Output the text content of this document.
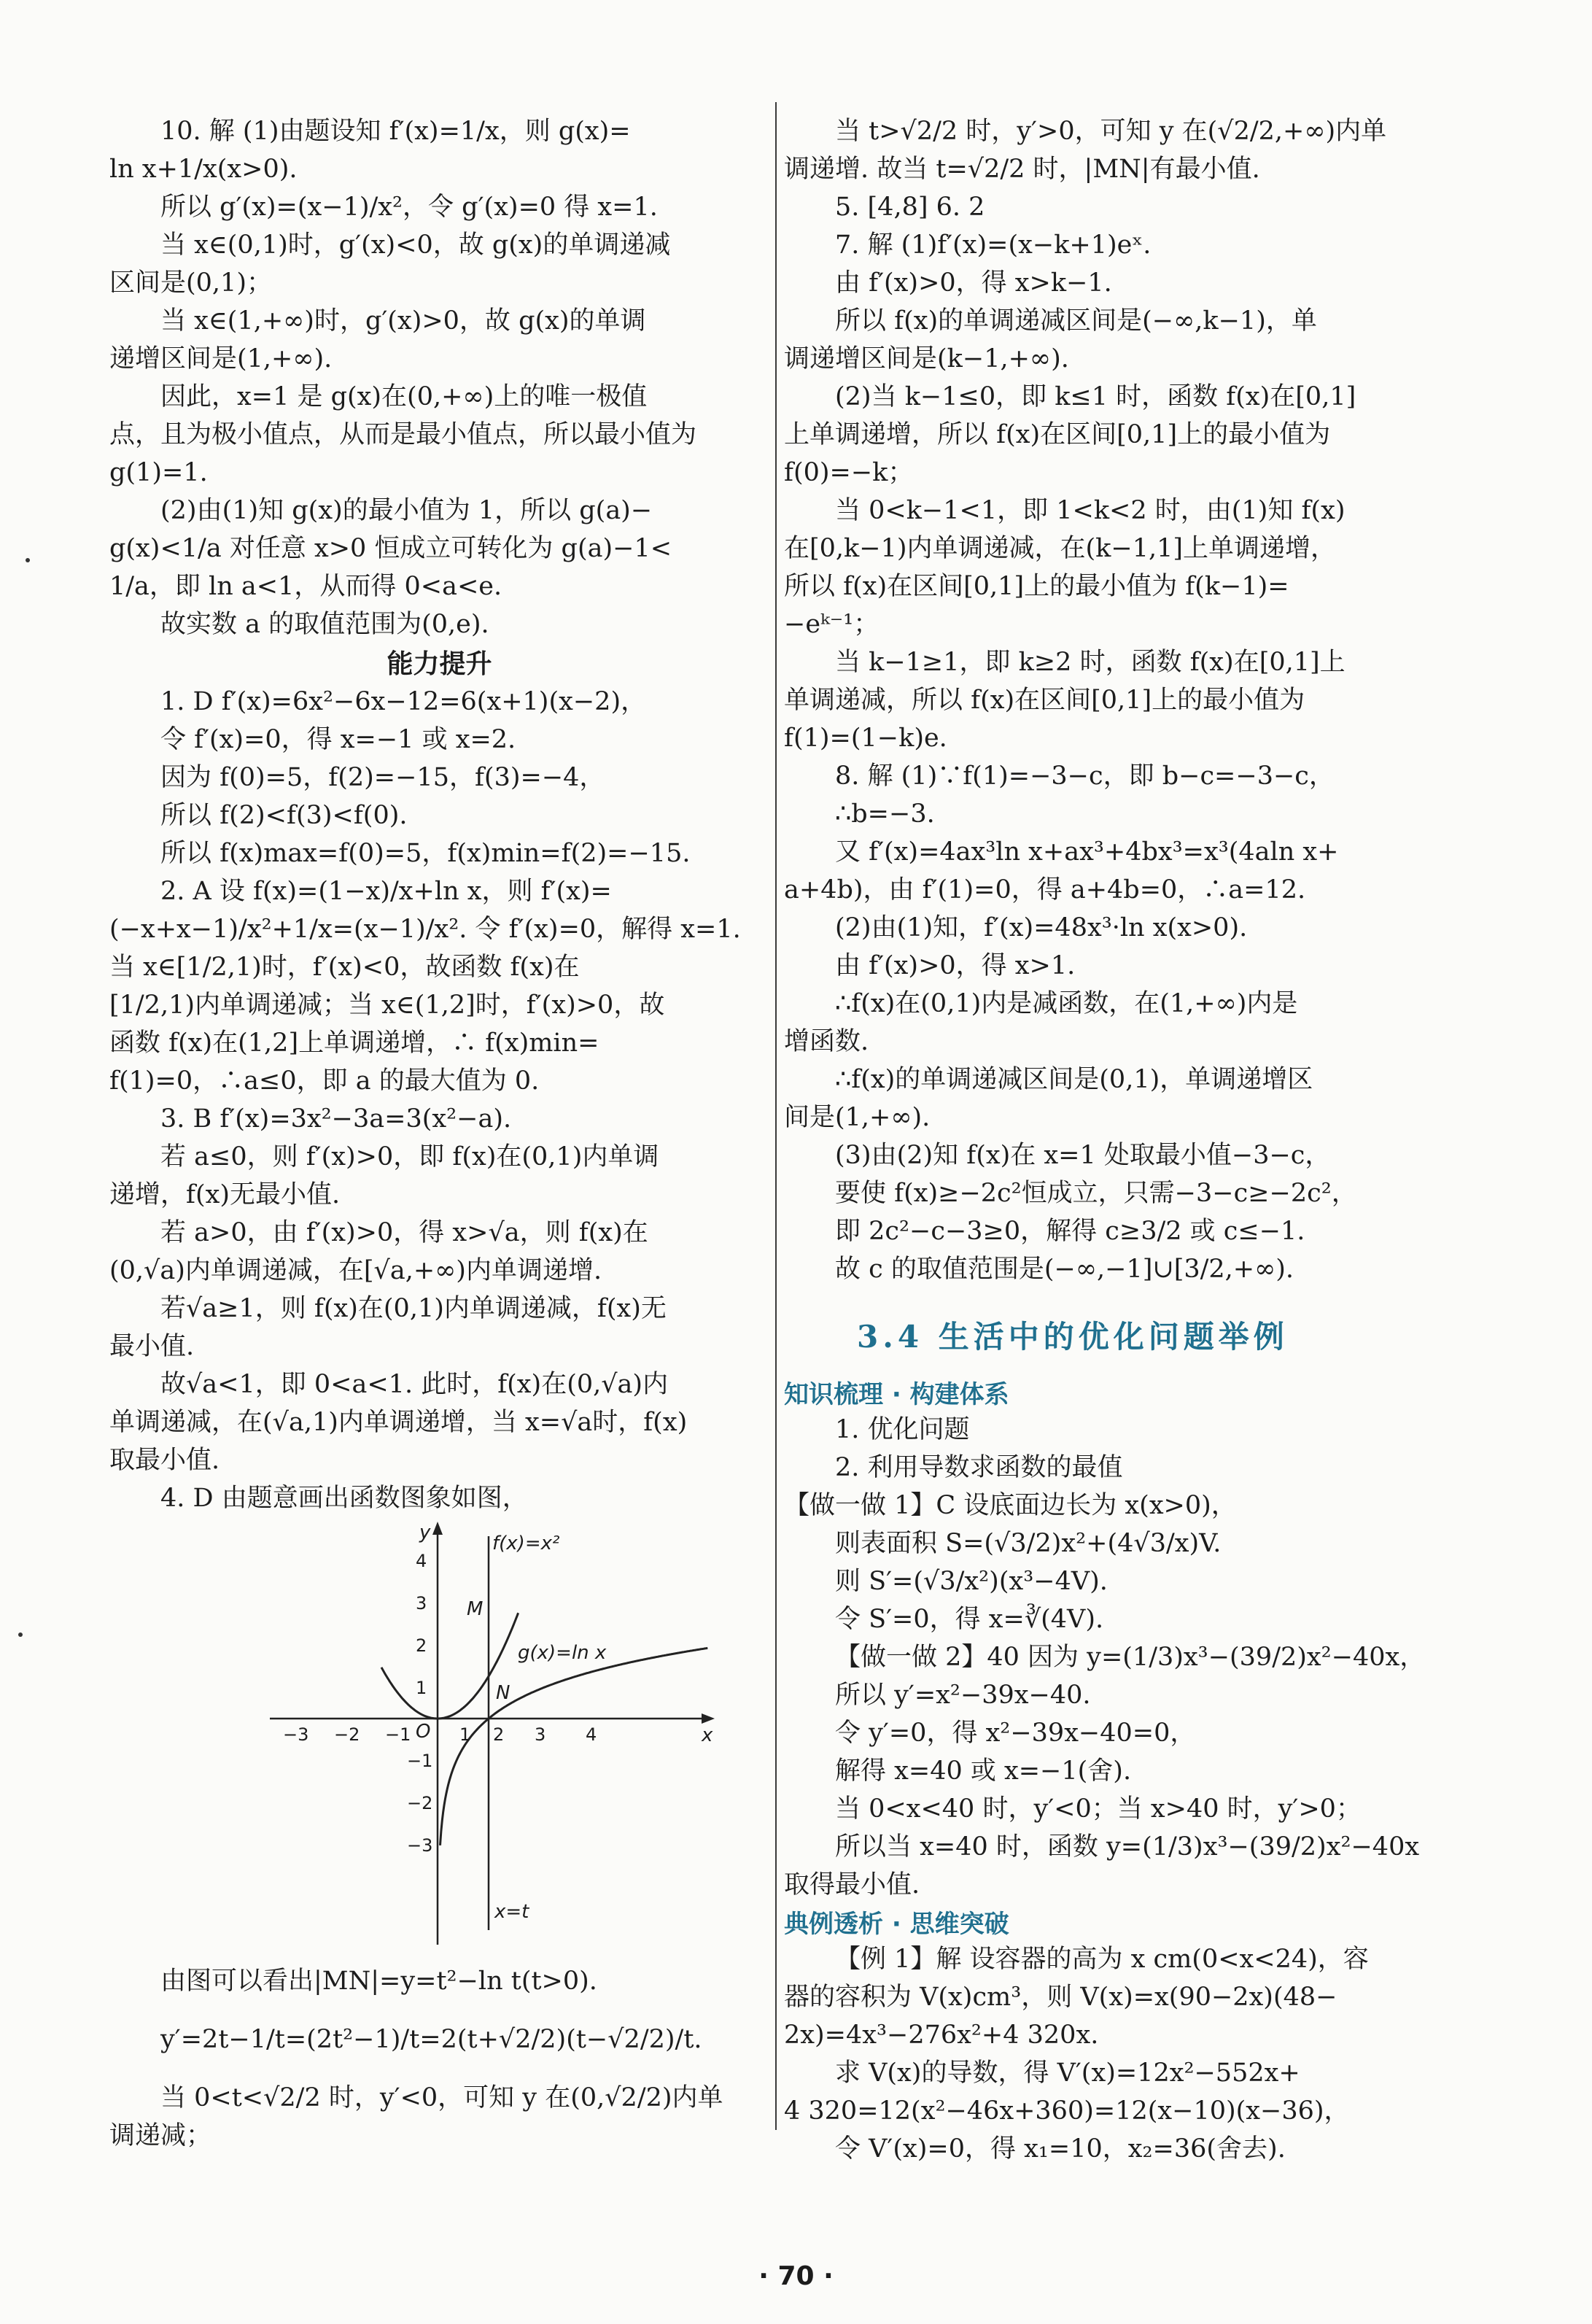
10. 解 (1)由题设知 f′(x)=1/x，则 g(x)=

ln x+1/x(x>0).

所以 g′(x)=(x−1)/x²，令 g′(x)=0 得 x=1.

当 x∈(0,1)时，g′(x)<0，故 g(x)的单调递减

区间是(0,1)；

当 x∈(1,+∞)时，g′(x)>0，故 g(x)的单调

递增区间是(1,+∞).

因此，x=1 是 g(x)在(0,+∞)上的唯一极值

点，且为极小值点，从而是最小值点，所以最小值为

g(1)=1.

(2)由(1)知 g(x)的最小值为 1，所以 g(a)−

g(x)<1/a 对任意 x>0 恒成立可转化为 g(a)−1<

1/a，即 ln a<1，从而得 0<a<e.

故实数 a 的取值范围为(0,e).

能力提升

1. D f′(x)=6x²−6x−12=6(x+1)(x−2)，

令 f′(x)=0，得 x=−1 或 x=2.

因为 f(0)=5，f(2)=−15，f(3)=−4，

所以 f(2)<f(3)<f(0).

所以 f(x)max=f(0)=5，f(x)min=f(2)=−15.

2. A 设 f(x)=(1−x)/x+ln x，则 f′(x)=

(−x+x−1)/x²+1/x=(x−1)/x². 令 f′(x)=0，解得 x=1.

当 x∈[1/2,1)时，f′(x)<0，故函数 f(x)在

[1/2,1)内单调递减；当 x∈(1,2]时，f′(x)>0，故

函数 f(x)在(1,2]上单调递增，∴ f(x)min=

f(1)=0，∴a≤0，即 a 的最大值为 0.

3. B f′(x)=3x²−3a=3(x²−a).

若 a≤0，则 f′(x)>0，即 f(x)在(0,1)内单调

递增，f(x)无最小值.

若 a>0，由 f′(x)>0，得 x>√a，则 f(x)在

(0,√a)内单调递减，在[√a,+∞)内单调递增.

若√a≥1，则 f(x)在(0,1)内单调递减，f(x)无

最小值.

故√a<1，即 0<a<1. 此时，f(x)在(0,√a)内

单调递减，在(√a,1)内单调递增，当 x=√a时，f(x)

取最小值.

4. D 由题意画出函数图象如图，

y
x
O
f(x)=x²
g(x)=ln x
M
N
x=t
−3 −2 −1	1 2 3 4
4
3
2
1
−1
−2
−3

由图可以看出|MN|=y=t²−ln t(t>0).

y′=2t−1/t=(2t²−1)/t=2(t+√2/2)(t−√2/2)/t.

当 0<t<√2/2 时，y′<0，可知 y 在(0,√2/2)内单

调递减；

当 t>√2/2 时，y′>0，可知 y 在(√2/2,+∞)内单

调递增. 故当 t=√2/2 时，|MN|有最小值.

5. [4,8] 6. 2

7. 解 (1)f′(x)=(x−k+1)eˣ.

由 f′(x)>0，得 x>k−1.

所以 f(x)的单调递减区间是(−∞,k−1)，单

调递增区间是(k−1,+∞).

(2)当 k−1≤0，即 k≤1 时，函数 f(x)在[0,1]

上单调递增，所以 f(x)在区间[0,1]上的最小值为

f(0)=−k；

当 0<k−1<1，即 1<k<2 时，由(1)知 f(x)

在[0,k−1)内单调递减，在(k−1,1]上单调递增，

所以 f(x)在区间[0,1]上的最小值为 f(k−1)=

−eᵏ⁻¹；

当 k−1≥1，即 k≥2 时，函数 f(x)在[0,1]上

单调递减，所以 f(x)在区间[0,1]上的最小值为

f(1)=(1−k)e.

8. 解 (1)∵f(1)=−3−c，即 b−c=−3−c，

∴b=−3.

又 f′(x)=4ax³ln x+ax³+4bx³=x³(4aln x+

a+4b)，由 f′(1)=0，得 a+4b=0，∴a=12.

(2)由(1)知，f′(x)=48x³·ln x(x>0).

由 f′(x)>0，得 x>1.

∴f(x)在(0,1)内是减函数，在(1,+∞)内是

增函数.

∴f(x)的单调递减区间是(0,1)，单调递增区

间是(1,+∞).

(3)由(2)知 f(x)在 x=1 处取最小值−3−c，

要使 f(x)≥−2c²恒成立，只需−3−c≥−2c²，

即 2c²−c−3≥0，解得 c≥3/2 或 c≤−1.

故 c 的取值范围是(−∞,−1]∪[3/2,+∞).

3.4 生活中的优化问题举例
知识梳理 · 构建体系

1. 优化问题

2. 利用导数求函数的最值

【做一做 1】C 设底面边长为 x(x>0)，

则表面积 S=(√3/2)x²+(4√3/x)V.

则 S′=(√3/x²)(x³−4V).

令 S′=0，得 x=∛(4V).

【做一做 2】40 因为 y=(1/3)x³−(39/2)x²−40x，

所以 y′=x²−39x−40.

令 y′=0，得 x²−39x−40=0，

解得 x=40 或 x=−1(舍).

当 0<x<40 时，y′<0；当 x>40 时，y′>0；

所以当 x=40 时，函数 y=(1/3)x³−(39/2)x²−40x

取得最小值.

典例透析 · 思维突破

【例 1】解 设容器的高为 x cm(0<x<24)，容

器的容积为 V(x)cm³，则 V(x)=x(90−2x)(48−

2x)=4x³−276x²+4 320x.

求 V(x)的导数，得 V′(x)=12x²−552x+

4 320=12(x²−46x+360)=12(x−10)(x−36)，

令 V′(x)=0，得 x₁=10，x₂=36(舍去).

· 70 ·
